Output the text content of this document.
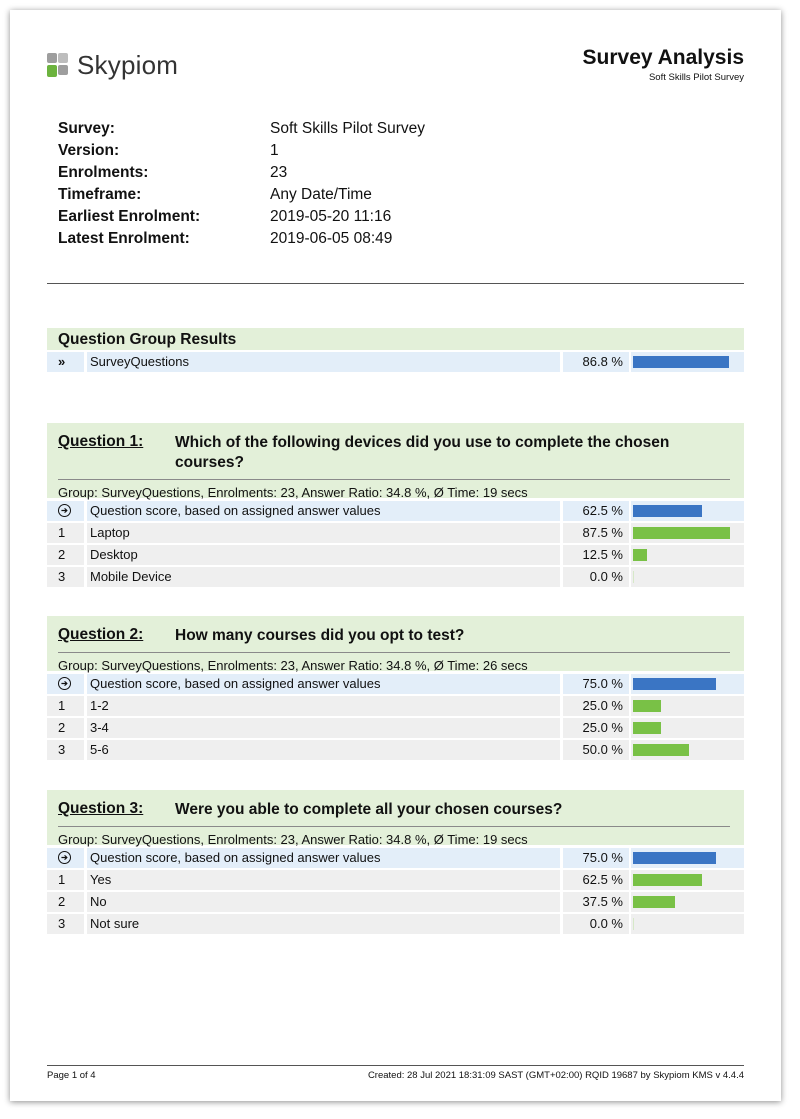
Skypiom	Survey Analysis
Soft Skills Pilot Survey
Survey:	Soft Skills Pilot Survey
Version:	1
Enrolments:	23
Timeframe:	Any Date/Time
Earliest Enrolment:	2019-05-20 11:16
Latest Enrolment:	2019-06-05 08:49
Question Group Results
»	SurveyQuestions	86.8 %
Question 1:	Which of the following devices did you use to complete the chosen courses?
Group: SurveyQuestions, Enrolments: 23, Answer Ratio: 34.8 %, Ø Time: 19 secs
➔	Question score, based on assigned answer values	62.5 %
1	Laptop	87.5 %
2	Desktop	12.5 %
3	Mobile Device	0.0 %
Question 2:	How many courses did you opt to test?
Group: SurveyQuestions, Enrolments: 23, Answer Ratio: 34.8 %, Ø Time: 26 secs
➔	Question score, based on assigned answer values	75.0 %
1	1-2	25.0 %
2	3-4	25.0 %
3	5-6	50.0 %
Question 3:	Were you able to complete all your chosen courses?
Group: SurveyQuestions, Enrolments: 23, Answer Ratio: 34.8 %, Ø Time: 19 secs
➔	Question score, based on assigned answer values	75.0 %
1	Yes	62.5 %
2	No	37.5 %
3	Not sure	0.0 %
Page 1 of 4	Created: 28 Jul 2021 18:31:09 SAST (GMT+02:00) RQID 19687 by Skypiom KMS v 4.4.4
